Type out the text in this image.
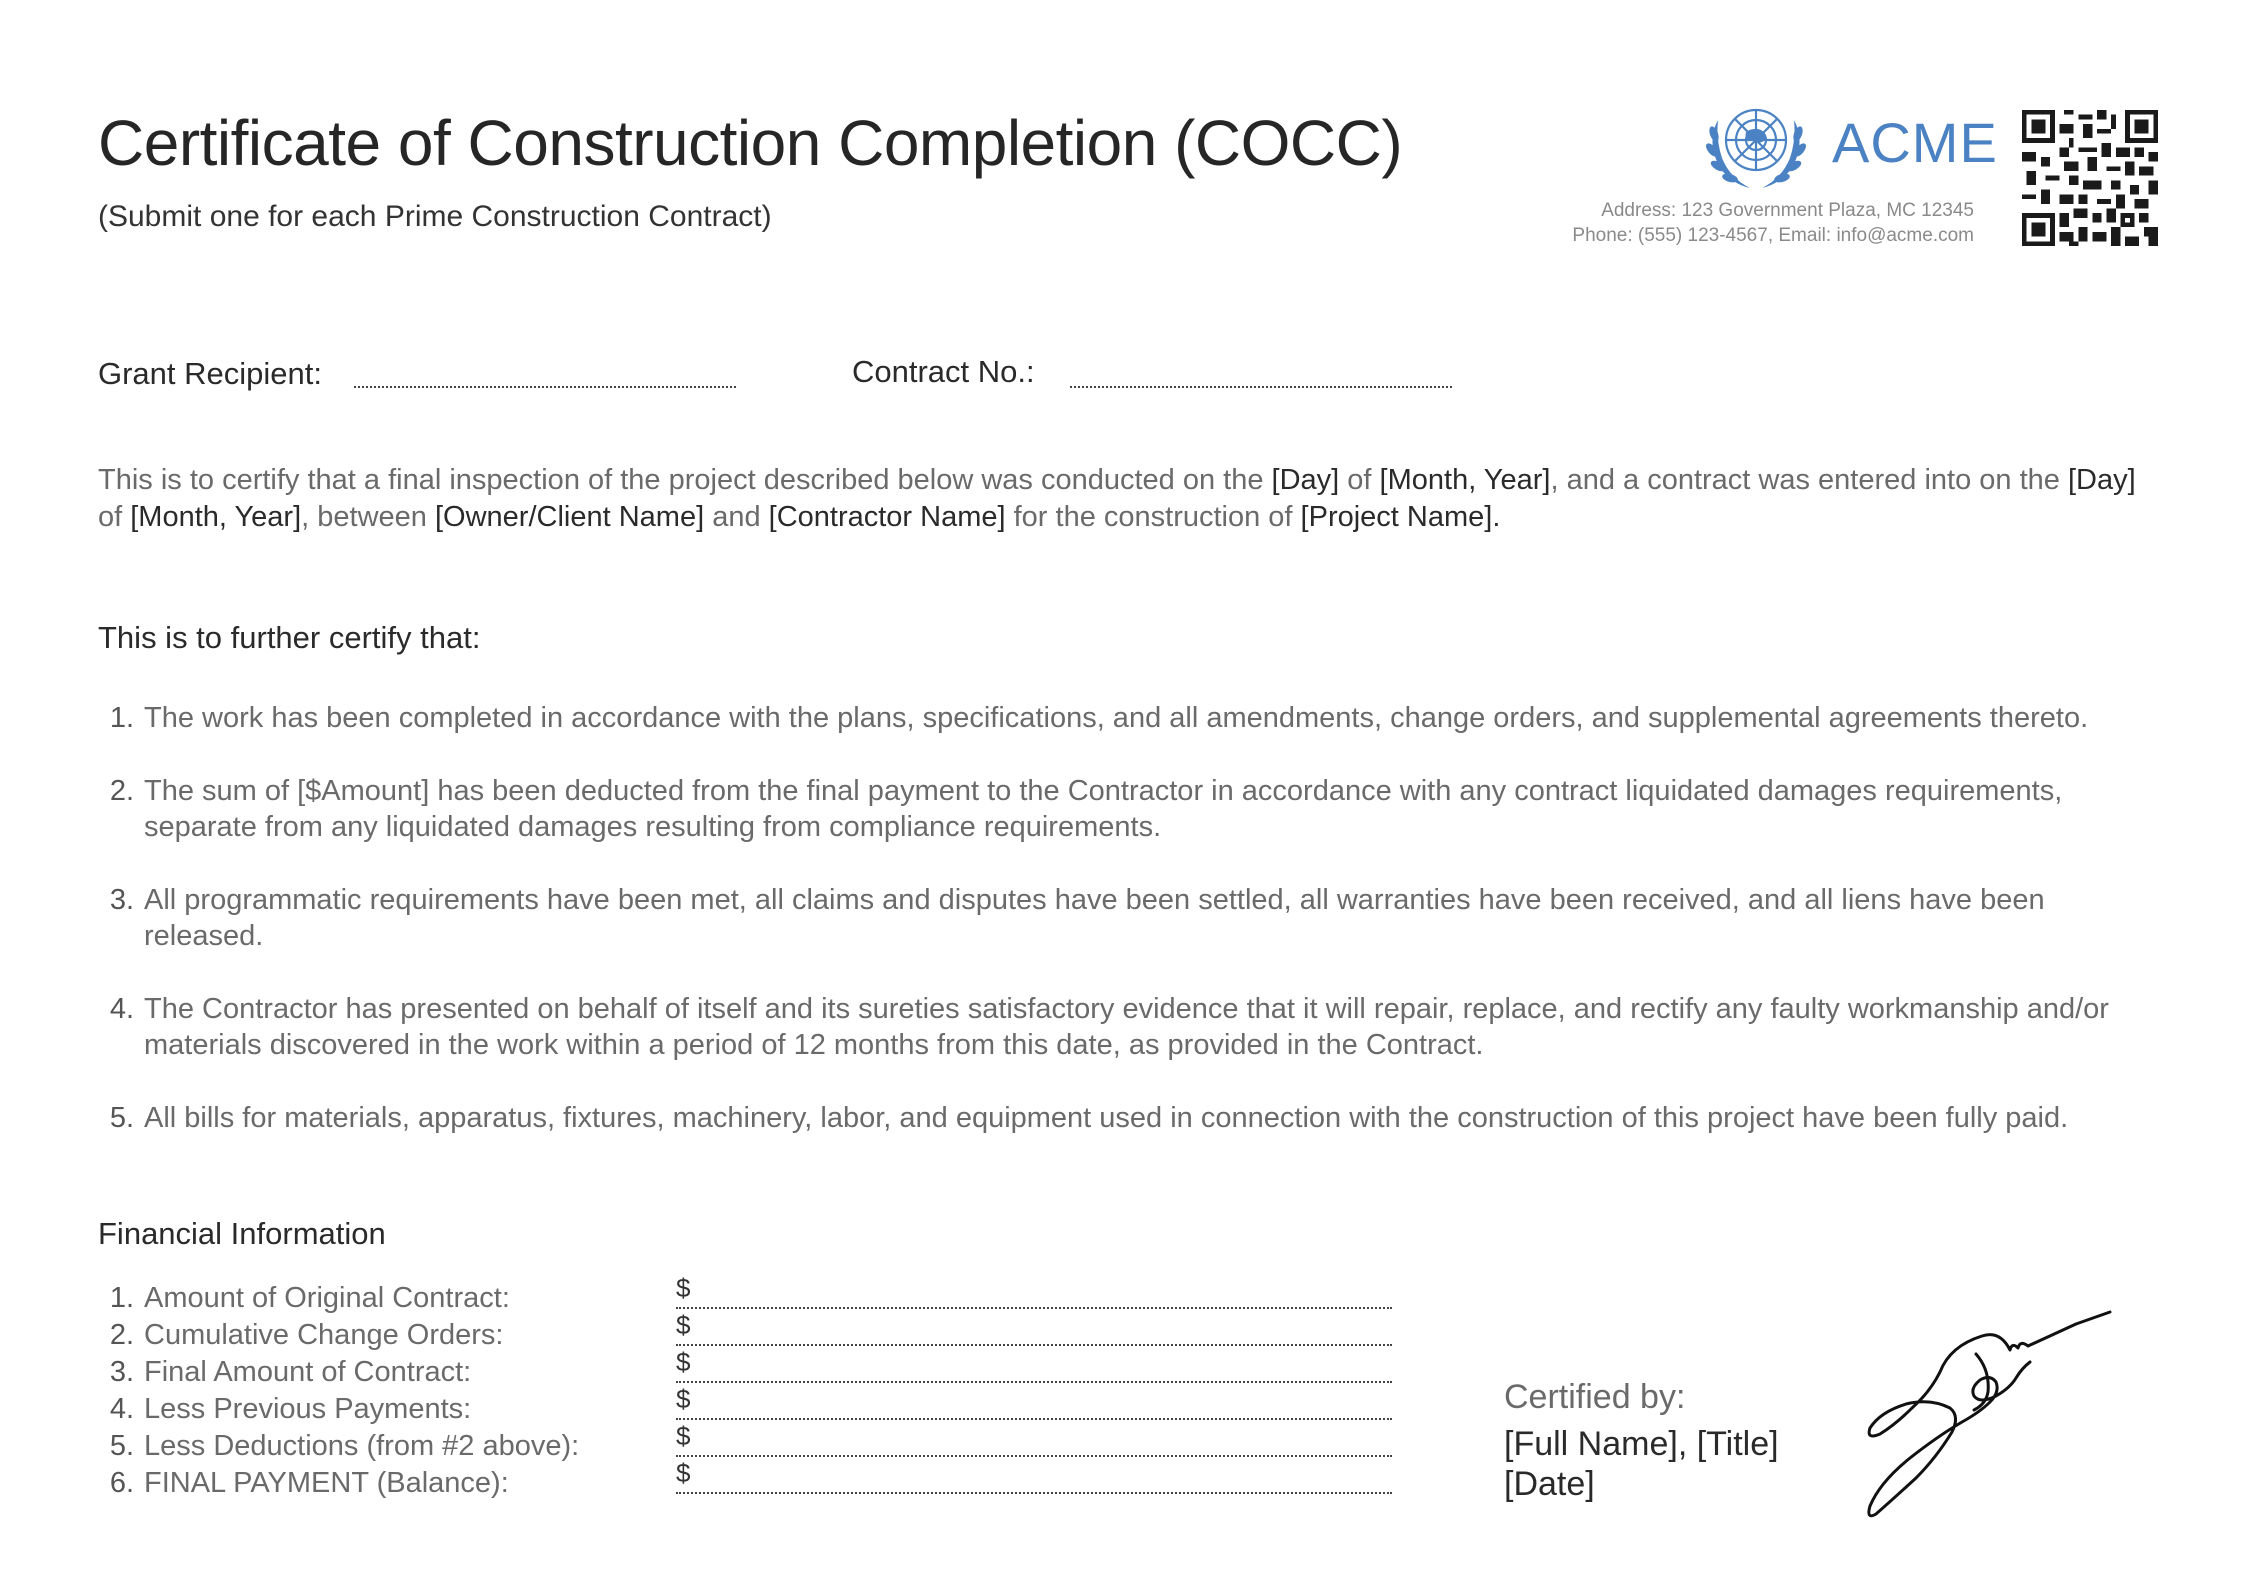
Certificate of Construction Completion (COCC)
(Submit one for each Prime Construction Contract)
ACME
Address: 123 Government Plaza, MC 12345
Phone: (555) 123-4567, Email: info@acme.com
Grant Recipient:	Contract No.:
This is to certify that a final inspection of the project described below was conducted on the [Day] of [Month, Year], and a contract was entered into on the [Day] of [Month, Year], between [Owner/Client Name] and [Contractor Name] for the construction of [Project Name].
This is to further certify that:
1. The work has been completed in accordance with the plans, specifications, and all amendments, change orders, and supplemental agreements thereto.
2. The sum of [$Amount] has been deducted from the final payment to the Contractor in accordance with any contract liquidated damages requirements, separate from any liquidated damages resulting from compliance requirements.
3. All programmatic requirements have been met, all claims and disputes have been settled, all warranties have been received, and all liens have been released.
4. The Contractor has presented on behalf of itself and its sureties satisfactory evidence that it will repair, replace, and rectify any faulty workmanship and/or materials discovered in the work within a period of 12 months from this date, as provided in the Contract.
5. All bills for materials, apparatus, fixtures, machinery, labor, and equipment used in connection with the construction of this project have been fully paid.
Financial Information
1. Amount of Original Contract:	$
2. Cumulative Change Orders:	$
3. Final Amount of Contract:	$
4. Less Previous Payments:	$
5. Less Deductions (from #2 above):	$
6. FINAL PAYMENT (Balance):	$
Certified by:
[Full Name], [Title]
[Date]
